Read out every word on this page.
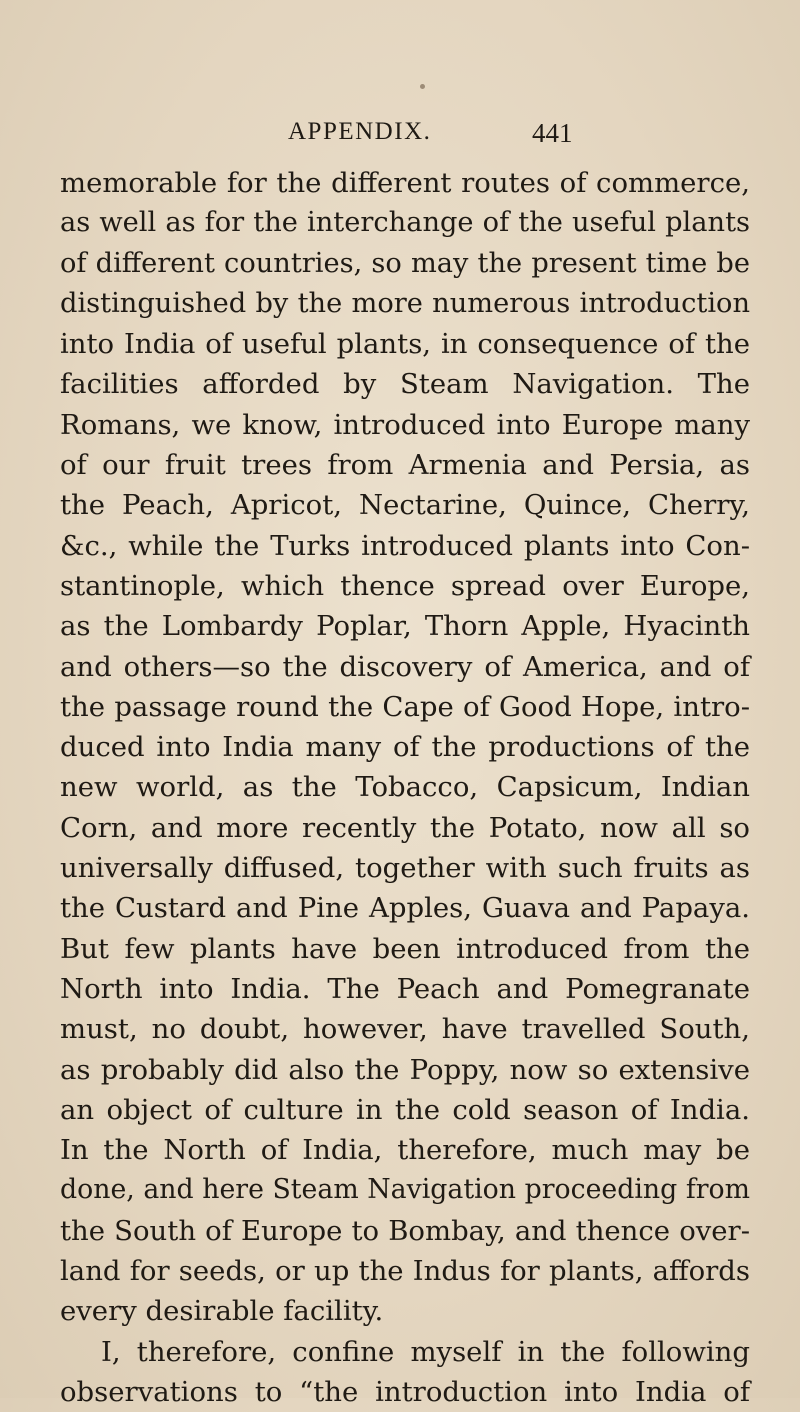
APPENDIX.	441
memorable for the different routes of commerce,
as well as for the interchange of the useful plants
of different countries, so may the present time be
distinguished by the more numerous introduction
into India of useful plants, in consequence of the
facilities afforded by Steam Navigation. The
Romans, we know, introduced into Europe many
of our fruit trees from Armenia and Persia, as
the Peach, Apricot, Nectarine, Quince, Cherry,
&c., while the Turks introduced plants into Con-
stantinople, which thence spread over Europe,
as the Lombardy Poplar, Thorn Apple, Hyacinth
and others—so the discovery of America, and of
the passage round the Cape of Good Hope, intro-
duced into India many of the productions of the
new world, as the Tobacco, Capsicum, Indian
Corn, and more recently the Potato, now all so
universally diffused, together with such fruits as
the Custard and Pine Apples, Guava and Papaya.
But few plants have been introduced from the
North into India. The Peach and Pomegranate
must, no doubt, however, have travelled South,
as probably did also the Poppy, now so extensive
an object of culture in the cold season of India.
In the North of India, therefore, much may be
done, and here Steam Navigation proceeding from
the South of Europe to Bombay, and thence over-
land for seeds, or up the Indus for plants, affords
every desirable facility.
I, therefore, confine myself in the following
observations to “the introduction into India of
